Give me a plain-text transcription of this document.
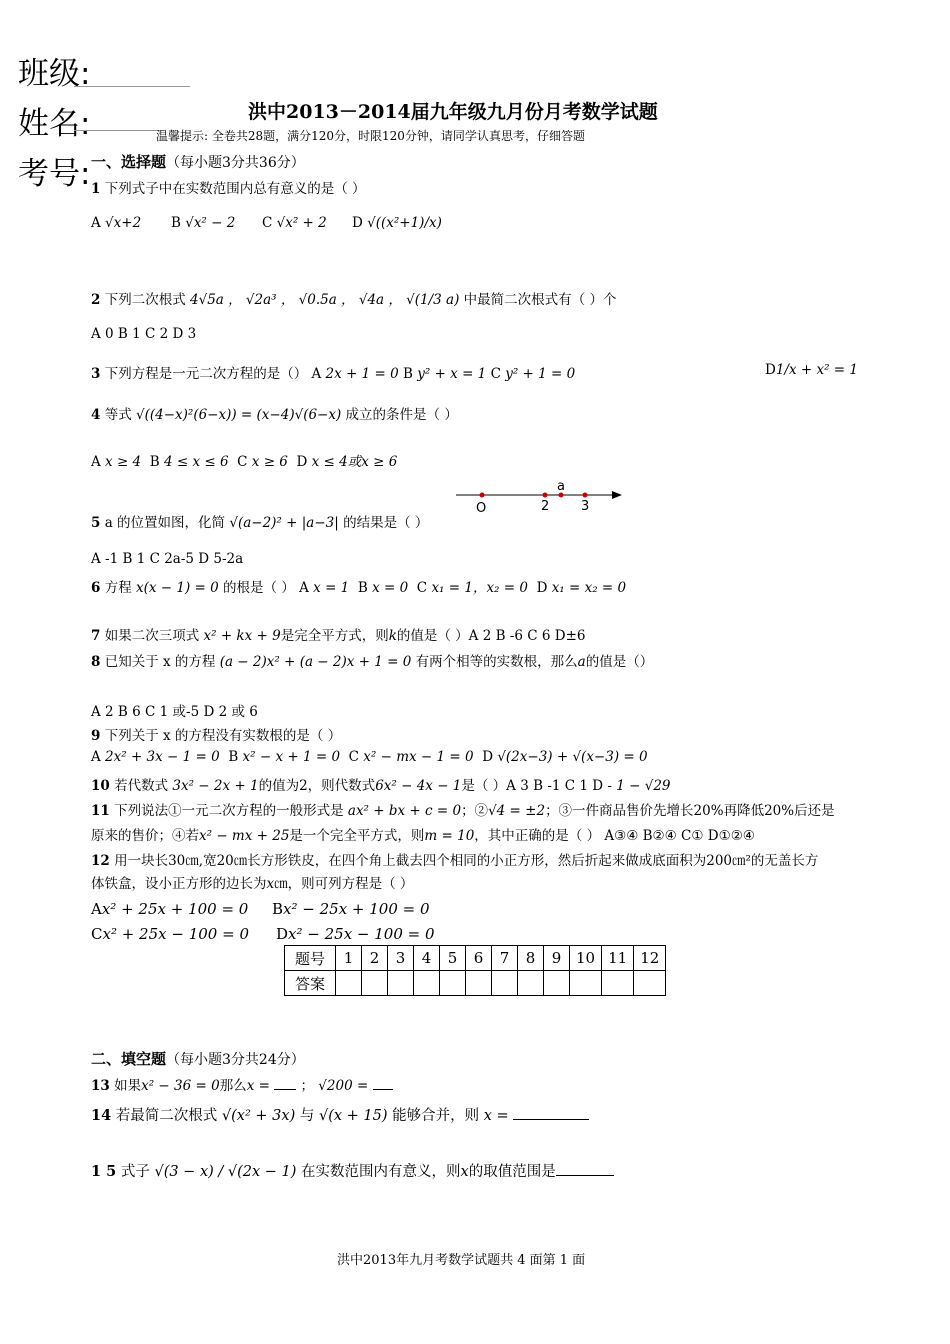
班级:
姓名:
考号:
洪中2013－2014届九年级九月份月考数学试题
温馨提示: 全卷共28题，满分120分，时限120分钟，请同学认真思考，仔细答题
一、选择题（每小题3分共36分）
1 下列式子中在实数范围内总有意义的是（ ）
A √x+2 B √x² − 2 C √x² + 2 D √((x²+1)/x)
2 下列二次根式 4√5a ， √2a³ ， √0.5a ， √4a ， √(1/3 a) 中最简二次根式有（ ）个
A 0 B 1 C 2 D 3
3 下列方程是一元二次方程的是（） A 2x + 1 = 0 B y² + x = 1 C y² + 1 = 0	D1/x + x² = 1
4 等式 √((4−x)²(6−x)) = (x−4)√(6−x) 成立的条件是（ ）
A x ≥ 4 B 4 ≤ x ≤ 6 C x ≥ 6 D x ≤ 4或x ≥ 6
5 a 的位置如图，化简 √(a−2)² + |a−3| 的结果是（ ）
O	2 3
a
A -1 B 1 C 2a-5 D 5-2a
6 方程 x(x − 1) = 0 的根是（ ） A x = 1 B x = 0 C x₁ = 1，x₂ = 0 D x₁ = x₂ = 0
7 如果二次三项式 x² + kx + 9是完全平方式，则k的值是（ ）A 2 B -6 C 6 D±6
8 已知关于 x 的方程 (a − 2)x² + (a − 2)x + 1 = 0 有两个相等的实数根，那么a的值是（）
A 2 B 6 C 1 或-5 D 2 或 6
9 下列关于 x 的方程没有实数根的是（ ）
A 2x² + 3x − 1 = 0 B x² − x + 1 = 0 C x² − mx − 1 = 0 D √(2x−3) + √(x−3) = 0
10 若代数式 3x² − 2x + 1的值为2，则代数式6x² − 4x − 1是（ ）A 3 B -1 C 1 D - 1 − √29
11 下列说法①一元二次方程的一般形式是 ax² + bx + c = 0；②√4 = ±2；③一件商品售价先增长20%再降低20%后还是
原来的售价；④若x² − mx + 25是一个完全平方式，则m = 10，其中正确的是（ ） A③④ B②④ C① D①②④
12 用一块长30㎝,宽20㎝长方形铁皮，在四个角上截去四个相同的小正方形，然后折起来做成底面积为200㎝²的无盖长方
体铁盒，设小正方形的边长为x㎝，则可列方程是（ ）
Ax² + 25x + 100 = 0 Bx² − 25x + 100 = 0
Cx² + 25x − 100 = 0 Dx² − 25x − 100 = 0
题号	1	2	3	4	5	6	7	8	9	10	11	12
答案												
二、填空题（每小题3分共24分）
13 如果x² − 36 = 0那么x =  ； √200 =
14 若最简二次根式 √(x² + 3x) 与 √(x + 15) 能够合并，则 x =
1 5 式子 √(3 − x) / √(2x − 1) 在实数范围内有意义，则x的取值范围是
洪中2013年九月考数学试题共 4 面第 1 面
